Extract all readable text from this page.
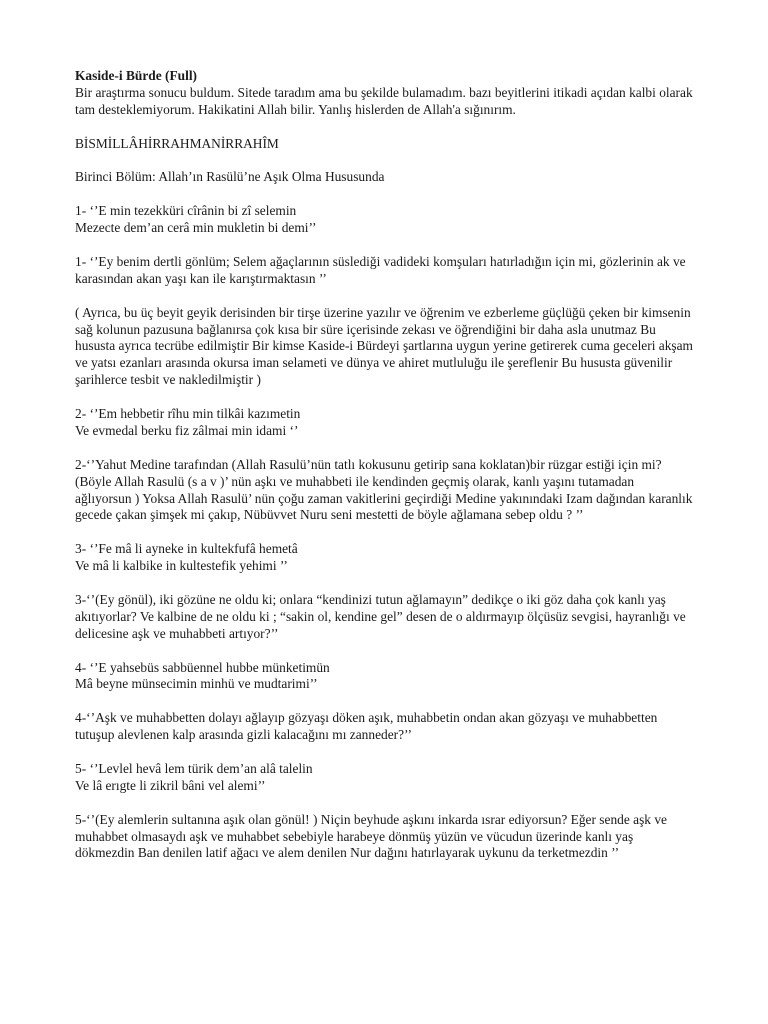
Kaside-i Bürde (Full)
Bir araştırma sonucu buldum. Sitede taradım ama bu şekilde bulamadım. bazı beyitlerini itikadi açıdan kalbi olarak tam desteklemiyorum. Hakikatini Allah bilir. Yanlış hislerden de Allah'a sığınırım.

BİSMİLLÂHİRRAHMANİRRAHÎM

Birinci Bölüm: Allah’ın Rasülü’ne Aşık Olma Hususunda

1- ‘’E min tezekküri cîrânin bi zî selemin
Mezecte dem’an cerâ min mukletin bi demi’’

1- ‘’Ey benim dertli gönlüm; Selem ağaçlarının süslediği vadideki komşuları hatırladığın için mi, gözlerinin ak ve karasından akan yaşı kan ile karıştırmaktasın ’’

( Ayrıca, bu üç beyit geyik derisinden bir tirşe üzerine yazılır ve öğrenim ve ezberleme güçlüğü çeken bir kimsenin sağ kolunun pazusuna bağlanırsa çok kısa bir süre içerisinde zekası ve öğrendiğini bir daha asla unutmaz Bu hususta ayrıca tecrübe edilmiştir Bir kimse Kaside-i Bürdeyi şartlarına uygun yerine getirerek cuma geceleri akşam ve yatsı ezanları arasında okursa iman selameti ve dünya ve ahiret mutluluğu ile şereflenir Bu hususta güvenilir şarihlerce tesbit ve nakledilmiştir )

2- ‘’Em hebbetir rîhu min tilkâi kazımetin
Ve evmedal berku fiz zâlmai min idami ‘’

2-‘’Yahut Medine tarafından (Allah Rasulü’nün tatlı kokusunu getirip sana koklatan)bir rüzgar estiği için mi? (Böyle Allah Rasulü (s a v )’ nün aşkı ve muhabbeti ile kendinden geçmiş olarak, kanlı yaşını tutamadan ağlıyorsun ) Yoksa Allah Rasulü’ nün çoğu zaman vakitlerini geçirdiği Medine yakınındaki Izam dağından karanlık gecede çakan şimşek mi çakıp, Nübüvvet Nuru seni mestetti de böyle ağlamana sebep oldu ? ’’

3- ‘’Fe mâ li ayneke in kultekfufâ hemetâ
Ve mâ li kalbike in kultestefik yehimi ’’

3-‘’(Ey gönül), iki gözüne ne oldu ki; onlara “kendinizi tutun ağlamayın” dedikçe o iki göz daha çok kanlı yaş akıtıyorlar? Ve kalbine de ne oldu ki ; “sakin ol, kendine gel” desen de o aldırmayıp ölçüsüz sevgisi, hayranlığı ve delicesine aşk ve muhabbeti artıyor?’’

4- ‘’E yahsebüs sabbüennel hubbe münketimün
Mâ beyne münsecimin minhü ve mudtarimi’’

4-‘’Aşk ve muhabbetten dolayı ağlayıp gözyaşı döken aşık, muhabbetin ondan akan gözyaşı ve muhabbetten tutuşup alevlenen kalp arasında gizli kalacağını mı zanneder?’’

5- ‘’Levlel hevâ lem türik dem’an alâ talelin
Ve lâ erıgte li zikril bâni vel alemi’’

5-‘’(Ey alemlerin sultanına aşık olan gönül! ) Niçin beyhude aşkını inkarda ısrar ediyorsun? Eğer sende aşk ve muhabbet olmasaydı aşk ve muhabbet sebebiyle harabeye dönmüş yüzün ve vücudun üzerinde kanlı yaş dökmezdin Ban denilen latif ağacı ve alem denilen Nur dağını hatırlayarak uykunu da terketmezdin ’’
